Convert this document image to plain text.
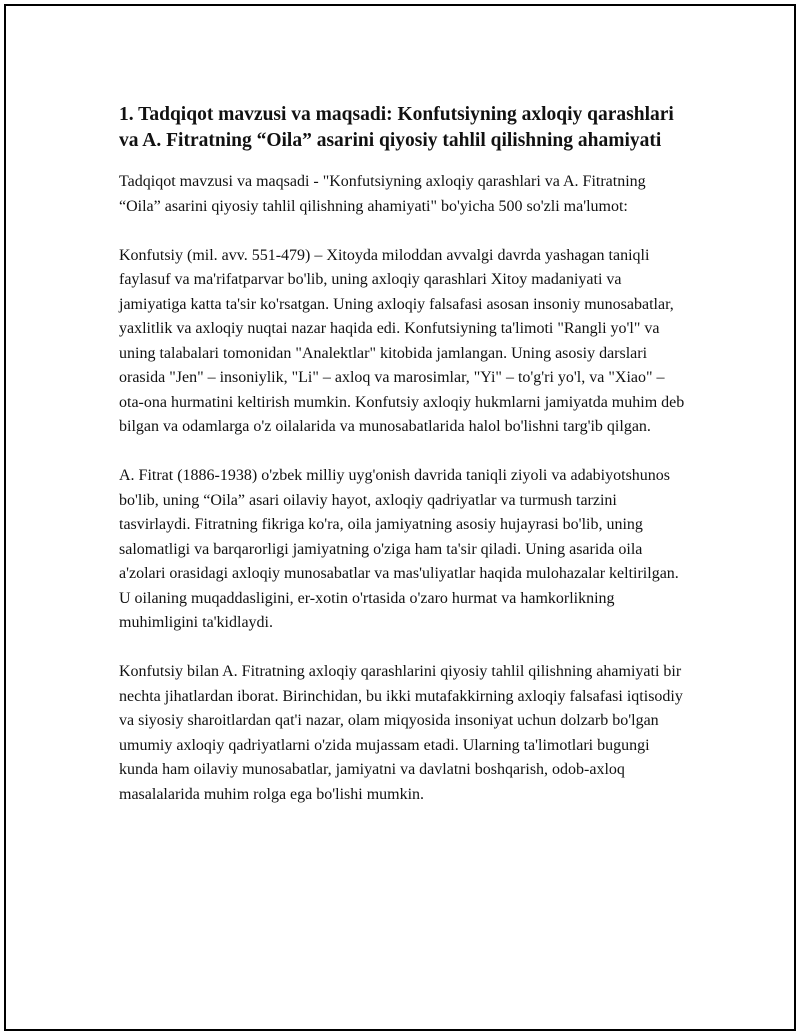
1. Tadqiqot mavzusi va maqsadi: Konfutsiyning axloqiy qarashlari va A. Fitratning “Oila” asarini qiyosiy tahlil qilishning ahamiyati

Tadqiqot mavzusi va maqsadi - "Konfutsiyning axloqiy qarashlari va A. Fitratning “Oila” asarini qiyosiy tahlil qilishning ahamiyati" bo'yicha 500 so'zli ma'lumot:

Konfutsiy (mil. avv. 551-479) – Xitoyda miloddan avvalgi davrda yashagan taniqli faylasuf va ma'rifatparvar bo'lib, uning axloqiy qarashlari Xitoy madaniyati va jamiyatiga katta ta'sir ko'rsatgan. Uning axloqiy falsafasi asosan insoniy munosabatlar, yaxlitlik va axloqiy nuqtai nazar haqida edi. Konfutsiyning ta'limoti "Rangli yo'l" va uning talabalari tomonidan "Analektlar" kitobida jamlangan. Uning asosiy darslari orasida "Jen" – insoniylik, "Li" – axloq va marosimlar, "Yi" – to'g'ri yo'l, va "Xiao" – ota-ona hurmatini keltirish mumkin. Konfutsiy axloqiy hukmlarni jamiyatda muhim deb bilgan va odamlarga o'z oilalarida va munosabatlarida halol bo'lishni targ'ib qilgan.

A. Fitrat (1886-1938) o'zbek milliy uyg'onish davrida taniqli ziyoli va adabiyotshunos bo'lib, uning “Oila” asari oilaviy hayot, axloqiy qadriyatlar va turmush tarzini tasvirlaydi. Fitratning fikriga ko'ra, oila jamiyatning asosiy hujayrasi bo'lib, uning salomatligi va barqarorligi jamiyatning o'ziga ham ta'sir qiladi. Uning asarida oila a'zolari orasidagi axloqiy munosabatlar va mas'uliyatlar haqida mulohazalar keltirilgan. U oilaning muqaddasligini, er-xotin o'rtasida o'zaro hurmat va hamkorlikning muhimligini ta'kidlaydi.

Konfutsiy bilan A. Fitratning axloqiy qarashlarini qiyosiy tahlil qilishning ahamiyati bir nechta jihatlardan iborat. Birinchidan, bu ikki mutafakkirning axloqiy falsafasi iqtisodiy va siyosiy sharoitlardan qat'i nazar, olam miqyosida insoniyat uchun dolzarb bo'lgan umumiy axloqiy qadriyatlarni o'zida mujassam etadi. Ularning ta'limotlari bugungi kunda ham oilaviy munosabatlar, jamiyatni va davlatni boshqarish, odob-axloq masalalarida muhim rolga ega bo'lishi mumkin.
